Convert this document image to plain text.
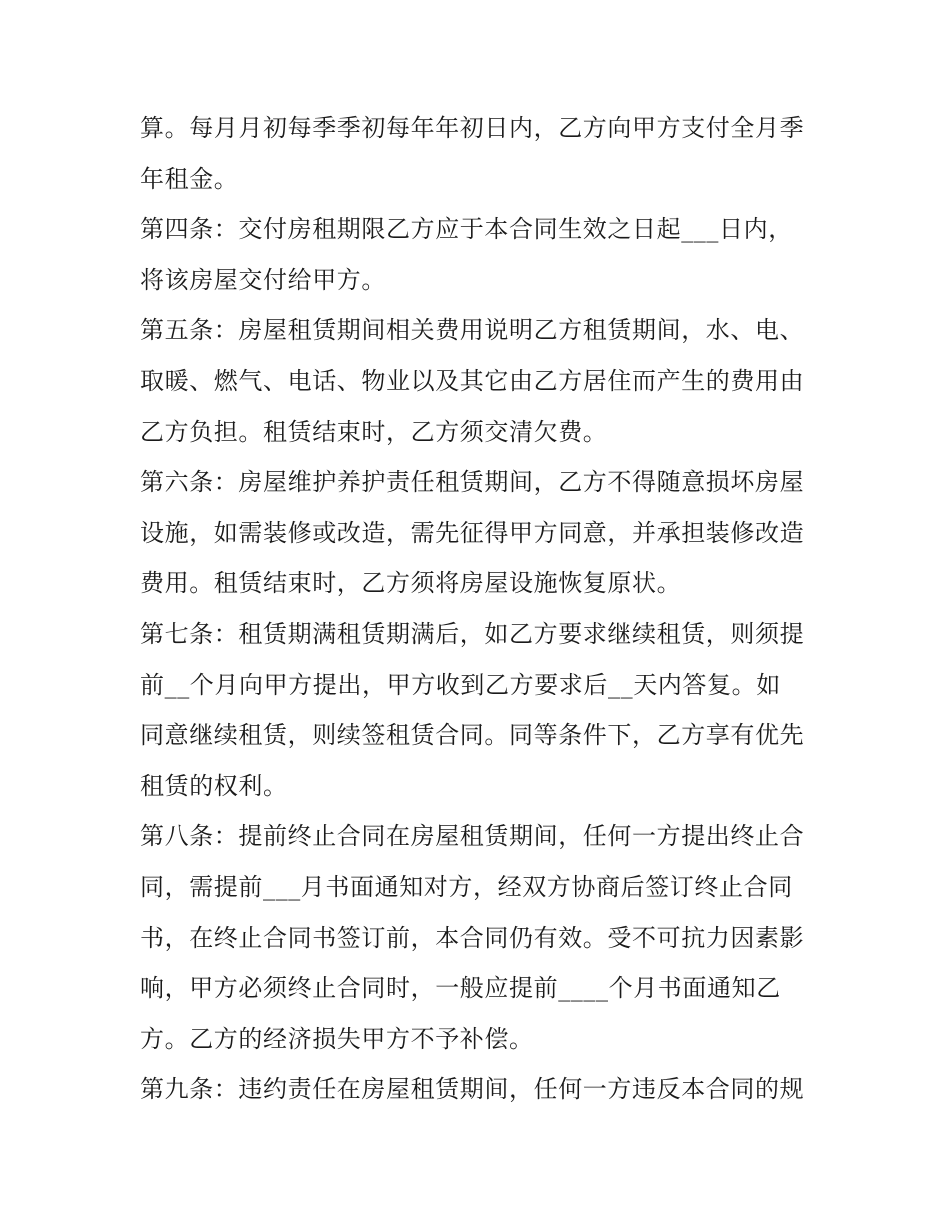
算。每月月初每季季初每年年初日内，乙方向甲方支付全月季
年租金。
第四条：交付房租期限乙方应于本合同生效之日起___日内，
将该房屋交付给甲方。
第五条：房屋租赁期间相关费用说明乙方租赁期间，水、电、
取暖、燃气、电话、物业以及其它由乙方居住而产生的费用由
乙方负担。租赁结束时，乙方须交清欠费。
第六条：房屋维护养护责任租赁期间，乙方不得随意损坏房屋
设施，如需装修或改造，需先征得甲方同意，并承担装修改造
费用。租赁结束时，乙方须将房屋设施恢复原状。
第七条：租赁期满租赁期满后，如乙方要求继续租赁，则须提
前__个月向甲方提出，甲方收到乙方要求后__天内答复。如
同意继续租赁，则续签租赁合同。同等条件下，乙方享有优先
租赁的权利。
第八条：提前终止合同在房屋租赁期间，任何一方提出终止合
同，需提前___月书面通知对方，经双方协商后签订终止合同
书，在终止合同书签订前，本合同仍有效。受不可抗力因素影
响，甲方必须终止合同时，一般应提前____个月书面通知乙
方。乙方的经济损失甲方不予补偿。
第九条：违约责任在房屋租赁期间，任何一方违反本合同的规
